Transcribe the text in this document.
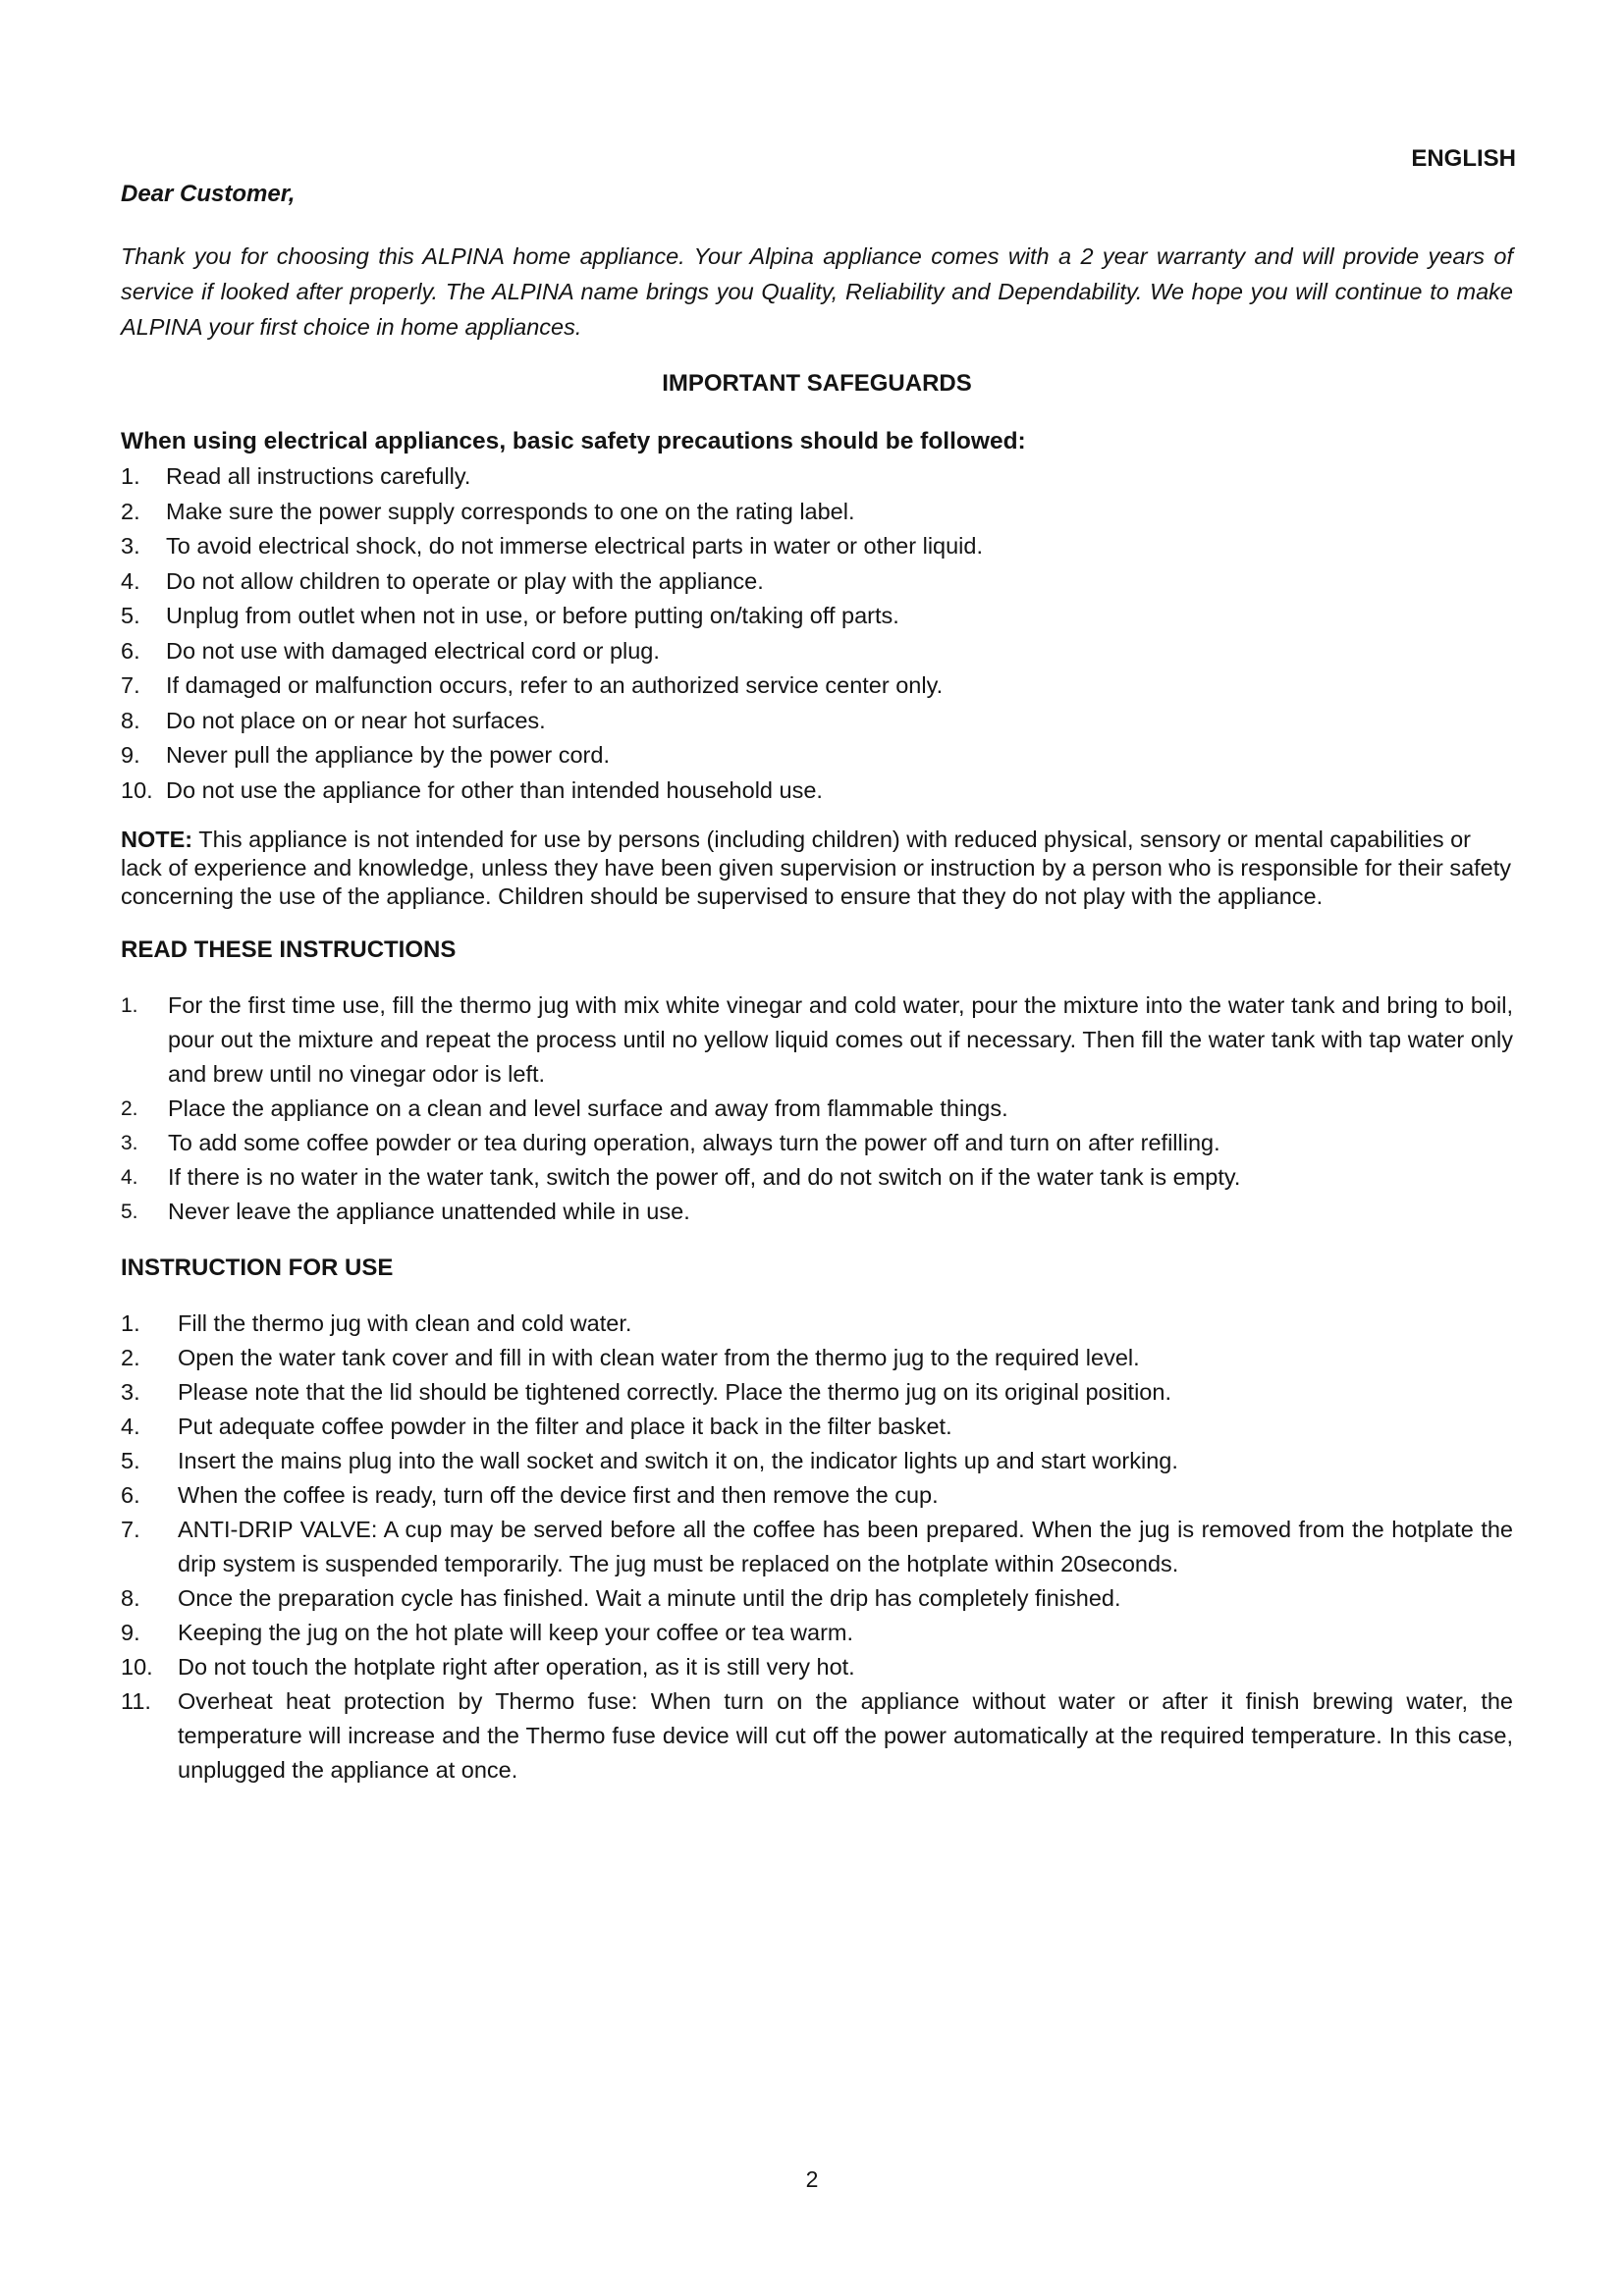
ENGLISH

Dear Customer,

Thank you for choosing this ALPINA home appliance. Your Alpina appliance comes with a 2 year warranty and will provide years of service if looked after properly. The ALPINA name brings you Quality, Reliability and Dependability. We hope you will continue to make ALPINA your first choice in home appliances.

IMPORTANT SAFEGUARDS

When using electrical appliances, basic safety precautions should be followed:

1. Read all instructions carefully.
2. Make sure the power supply corresponds to one on the rating label.
3. To avoid electrical shock, do not immerse electrical parts in water or other liquid.
4. Do not allow children to operate or play with the appliance.
5. Unplug from outlet when not in use, or before putting on/taking off parts.
6. Do not use with damaged electrical cord or plug.
7. If damaged or malfunction occurs, refer to an authorized service center only.
8. Do not place on or near hot surfaces.
9. Never pull the appliance by the power cord.
10. Do not use the appliance for other than intended household use.

NOTE: This appliance is not intended for use by persons (including children) with reduced physical, sensory or mental capabilities or lack of experience and knowledge, unless they have been given supervision or instruction by a person who is responsible for their safety concerning the use of the appliance. Children should be supervised to ensure that they do not play with the appliance.

READ THESE INSTRUCTIONS
1. For the first time use, fill the thermo jug with mix white vinegar and cold water, pour the mixture into the water tank and bring to boil, pour out the mixture and repeat the process until no yellow liquid comes out if necessary. Then fill the water tank with tap water only and brew until no vinegar odor is left.
2. Place the appliance on a clean and level surface and away from flammable things.
3. To add some coffee powder or tea during operation, always turn the power off and turn on after refilling.
4. If there is no water in the water tank, switch the power off, and do not switch on if the water tank is empty.
5. Never leave the appliance unattended while in use.
INSTRUCTION FOR USE
1. Fill the thermo jug with clean and cold water.
2. Open the water tank cover and fill in with clean water from the thermo jug to the required level.
3. Please note that the lid should be tightened correctly. Place the thermo jug on its original position.
4. Put adequate coffee powder in the filter and place it back in the filter basket.
5. Insert the mains plug into the wall socket and switch it on, the indicator lights up and start working.
6. When the coffee is ready, turn off the device first and then remove the cup.
7. ANTI-DRIP VALVE: A cup may be served before all the coffee has been prepared. When the jug is removed from the hotplate the drip system is suspended temporarily. The jug must be replaced on the hotplate within 20seconds.
8. Once the preparation cycle has finished. Wait a minute until the drip has completely finished.
9. Keeping the jug on the hot plate will keep your coffee or tea warm.
10. Do not touch the hotplate right after operation, as it is still very hot.
11. Overheat heat protection by Thermo fuse: When turn on the appliance without water or after it finish brewing water, the temperature will increase and the Thermo fuse device will cut off the power automatically at the required temperature. In this case, unplugged the appliance at once.
2
